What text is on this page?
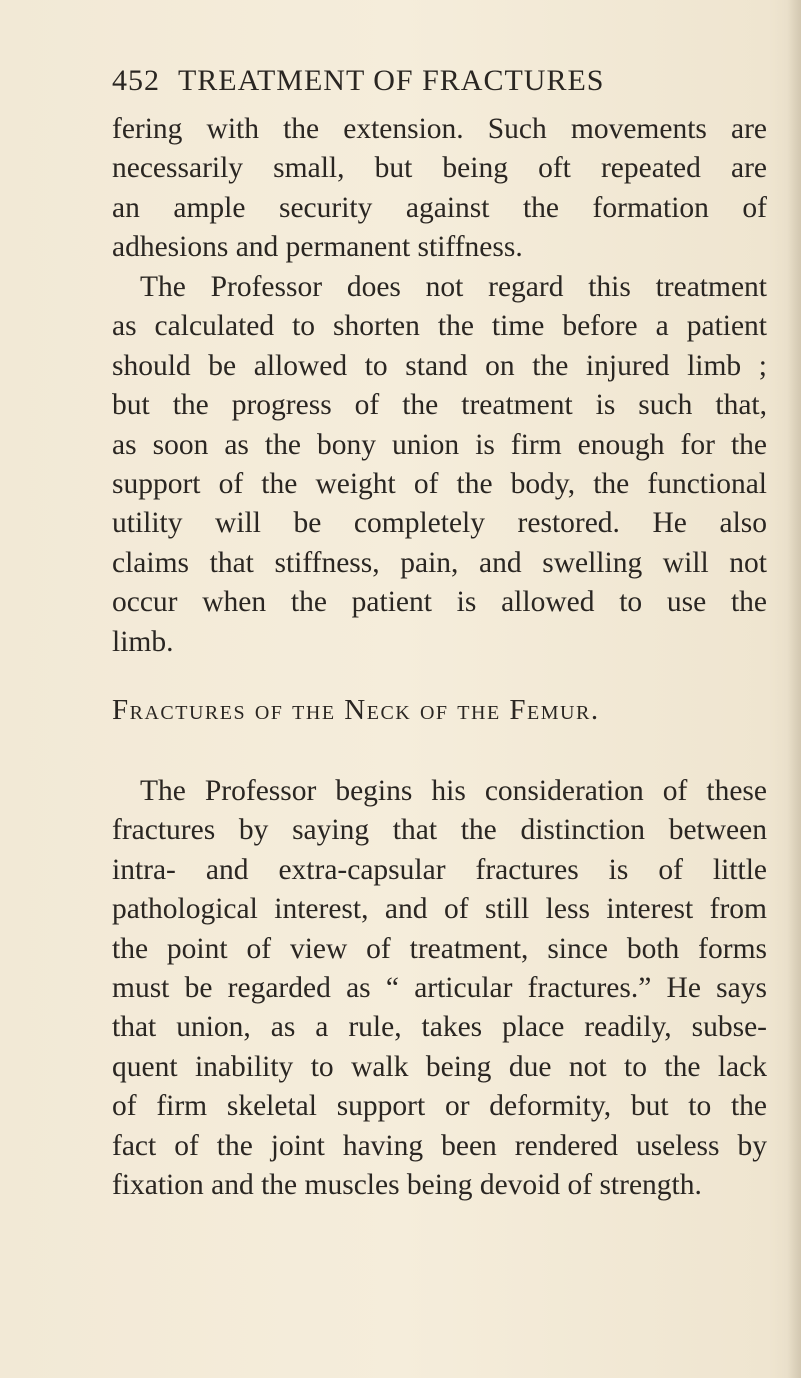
452 TREATMENT OF FRACTURES
fering with the extension. Such movements are
necessarily small, but being oft repeated are
an ample security against the formation of
adhesions and permanent stiffness.
The Professor does not regard this treatment
as calculated to shorten the time before a patient
should be allowed to stand on the injured limb ;
but the progress of the treatment is such that,
as soon as the bony union is firm enough for the
support of the weight of the body, the functional
utility will be completely restored. He also
claims that stiffness, pain, and swelling will not
occur when the patient is allowed to use the
limb.
Fractures of the Neck of the Femur.
The Professor begins his consideration of these
fractures by saying that the distinction between
intra- and extra-capsular fractures is of little
pathological interest, and of still less interest from
the point of view of treatment, since both forms
must be regarded as “ articular fractures.” He says
that union, as a rule, takes place readily, subse-
quent inability to walk being due not to the lack
of firm skeletal support or deformity, but to the
fact of the joint having been rendered useless by
fixation and the muscles being devoid of strength.
